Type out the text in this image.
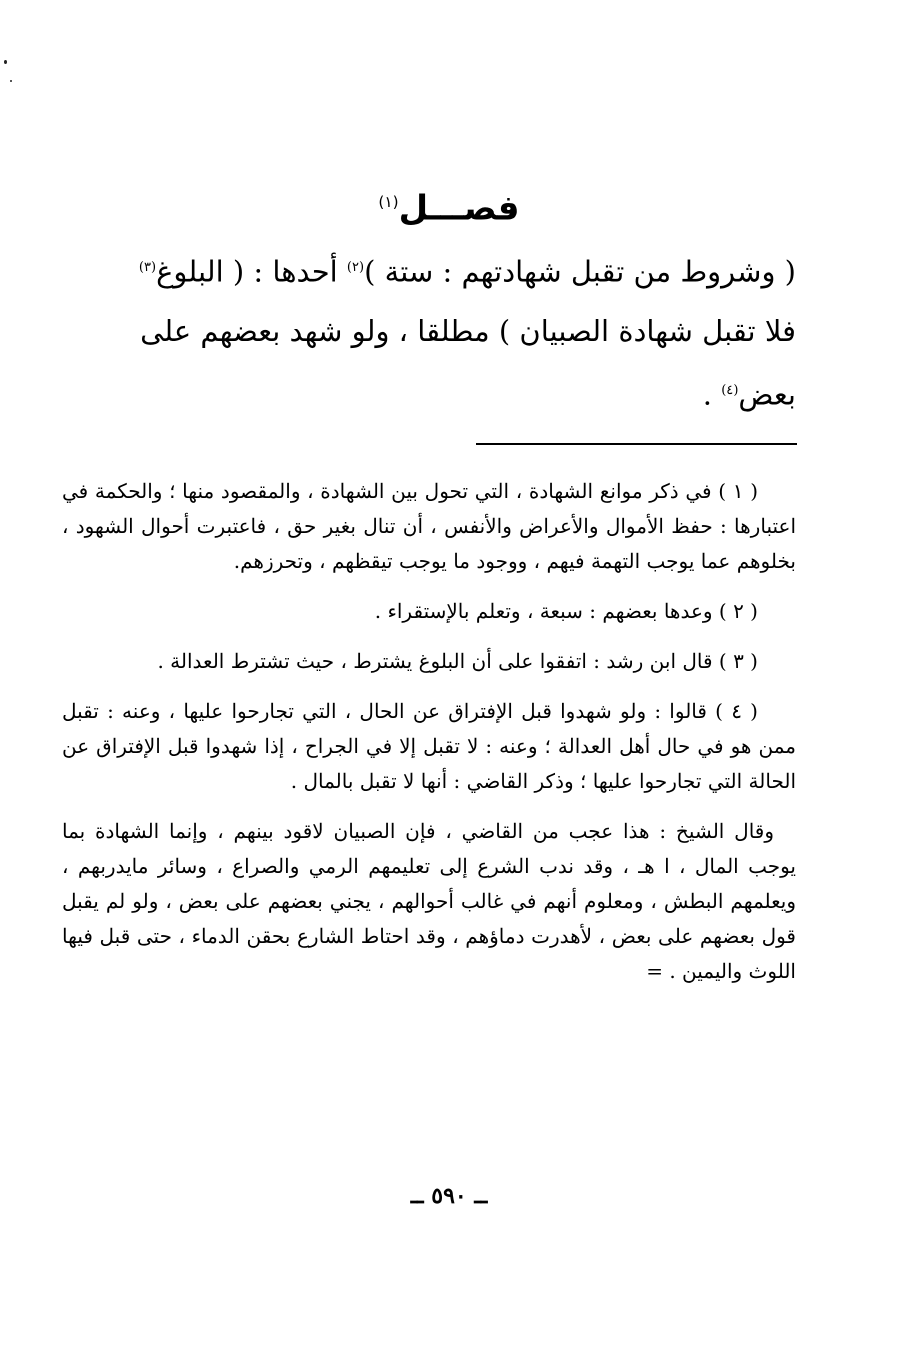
فصـــل$^{(١)}$
( وشروط من تقبل شهادتهم : ستة )$^{(٢)}$ أحدها : ( البلوغ$^{(٣)}$
فلا تقبل شهادة الصبيان ) مطلقا ، ولو شهد بعضهم على
بعض$^{(٤)}$ .

( ١ ) في ذكر موانع الشهادة ، التي تحول بين الشهادة ، والمقصود منها ؛ والحكمة في اعتبارها : حفظ الأموال والأعراض والأنفس ، أن تنال بغير حق ، فاعتبرت أحوال الشهود ، بخلوهم عما يوجب التهمة فيهم ، ووجود ما يوجب تيقظهم ، وتحرزهم.

( ٢ ) وعدها بعضهم : سبعة ، وتعلم بالإستقراء .

( ٣ ) قال ابن رشد : اتفقوا على أن البلوغ يشترط ، حيث تشترط العدالة .

( ٤ ) قالوا : ولو شهدوا قبل الإفتراق عن الحال ، التي تجارحوا عليها ، وعنه : تقبل ممن هو في حال أهل العدالة ؛ وعنه : لا تقبل إلا في الجراح ، إذا شهدوا قبل الإفتراق عن الحالة التي تجارحوا عليها ؛ وذكر القاضي : أنها لا تقبل بالمال .

وقال الشيخ : هذا عجب من القاضي ، فإن الصبيان لاقود بينهم ، وإنما الشهادة بما يوجب المال ، ا هـ ، وقد ندب الشرع إلى تعليمهم الرمي والصراع ، وسائر مايدربهم ، ويعلمهم البطش ، ومعلوم أنهم في غالب أحوالهم ، يجني بعضهم على بعض ، ولو لم يقبل قول بعضهم على بعض ، لأهدرت دماؤهم ، وقد احتاط الشارع بحقن الدماء ، حتى قبل فيها اللوث واليمين . =

ــ ٥٩٠ ــ
